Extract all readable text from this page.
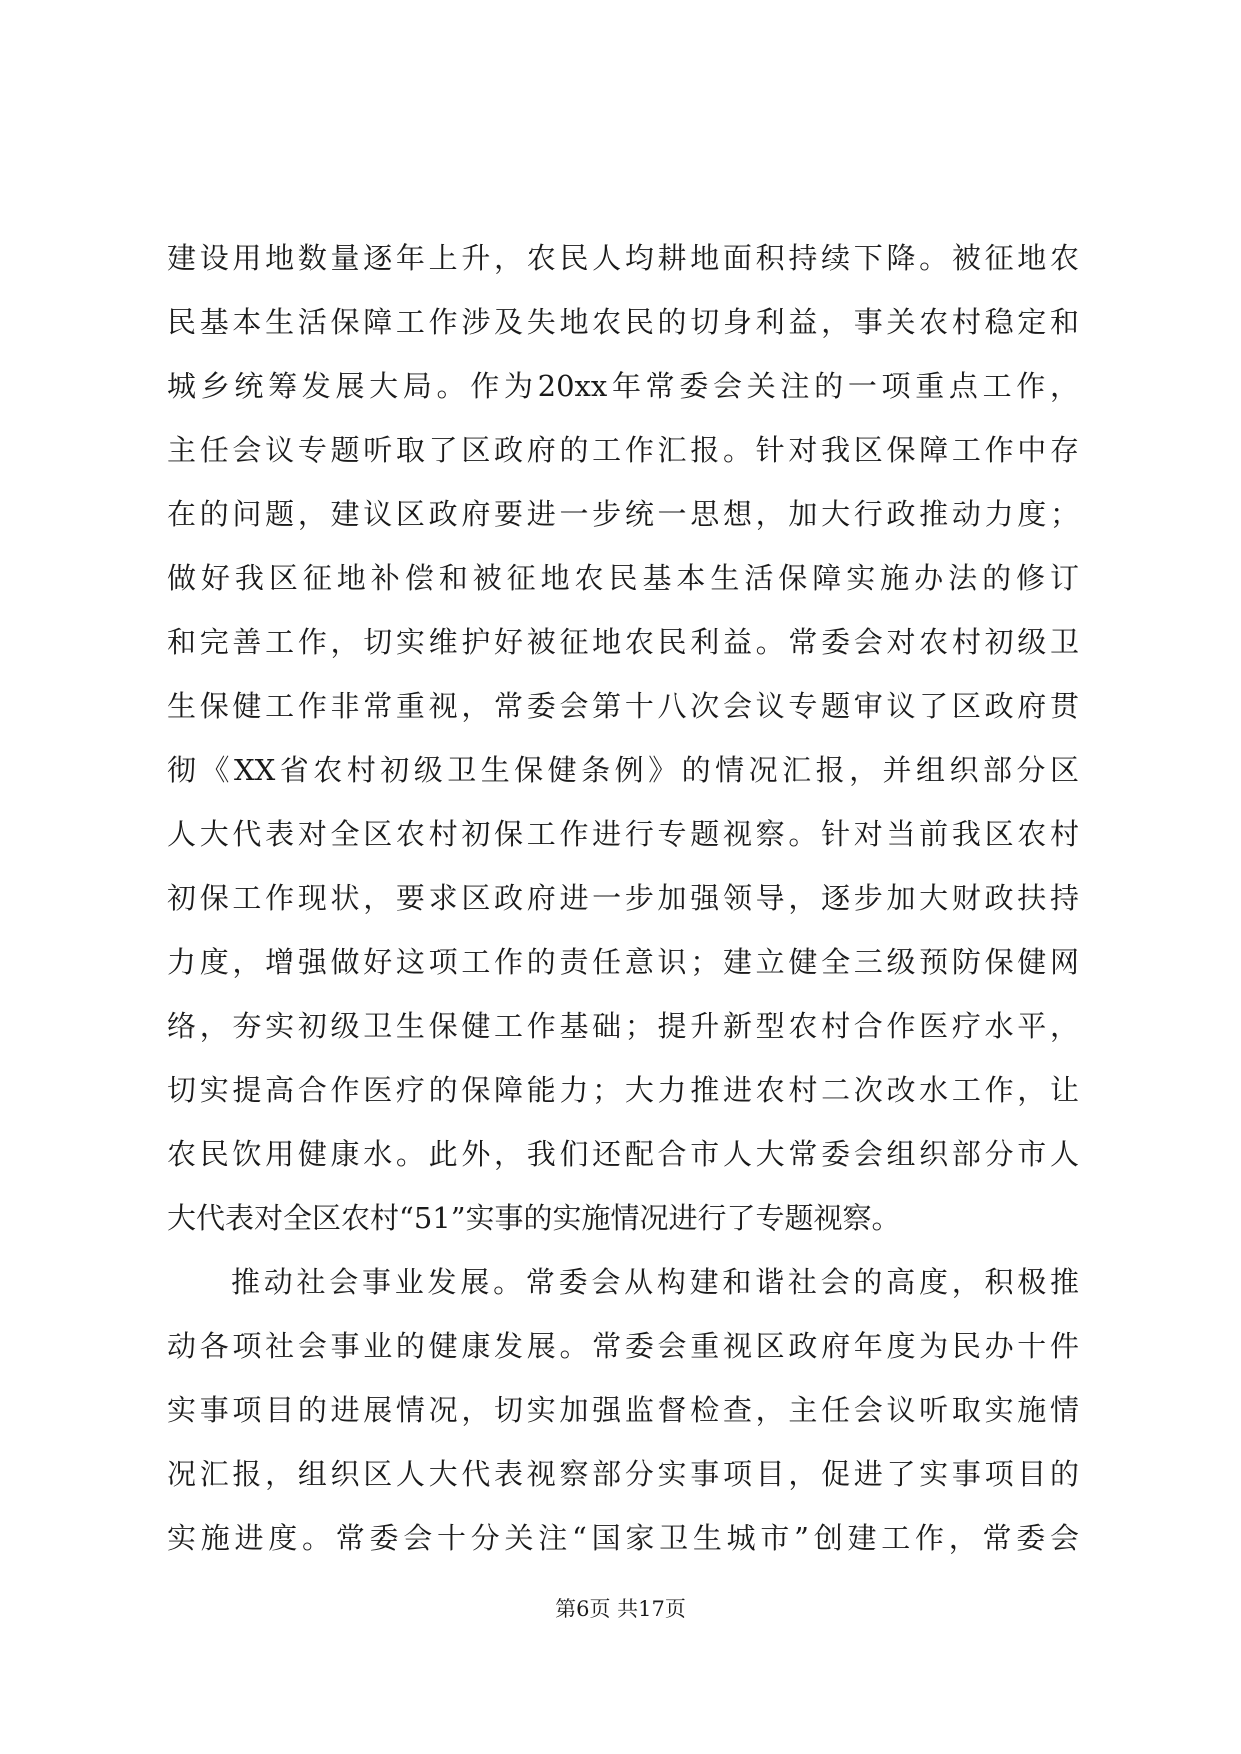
建设用地数量逐年上升，农民人均耕地面积持续下降。被征地农
民基本生活保障工作涉及失地农民的切身利益，事关农村稳定和
城乡统筹发展大局。作为20xx年常委会关注的一项重点工作，
主任会议专题听取了区政府的工作汇报。针对我区保障工作中存
在的问题，建议区政府要进一步统一思想，加大行政推动力度；
做好我区征地补偿和被征地农民基本生活保障实施办法的修订
和完善工作，切实维护好被征地农民利益。常委会对农村初级卫
生保健工作非常重视，常委会第十八次会议专题审议了区政府贯
彻《XX省农村初级卫生保健条例》的情况汇报，并组织部分区
人大代表对全区农村初保工作进行专题视察。针对当前我区农村
初保工作现状，要求区政府进一步加强领导，逐步加大财政扶持
力度，增强做好这项工作的责任意识；建立健全三级预防保健网
络，夯实初级卫生保健工作基础；提升新型农村合作医疗水平，
切实提高合作医疗的保障能力；大力推进农村二次改水工作，让
农民饮用健康水。此外，我们还配合市人大常委会组织部分市人
大代表对全区农村“51”实事的实施情况进行了专题视察。
推动社会事业发展。常委会从构建和谐社会的高度，积极推
动各项社会事业的健康发展。常委会重视区政府年度为民办十件
实事项目的进展情况，切实加强监督检查，主任会议听取实施情
况汇报，组织区人大代表视察部分实事项目，促进了实事项目的
实施进度。常委会十分关注“国家卫生城市”创建工作，常委会
第6页 共17页
